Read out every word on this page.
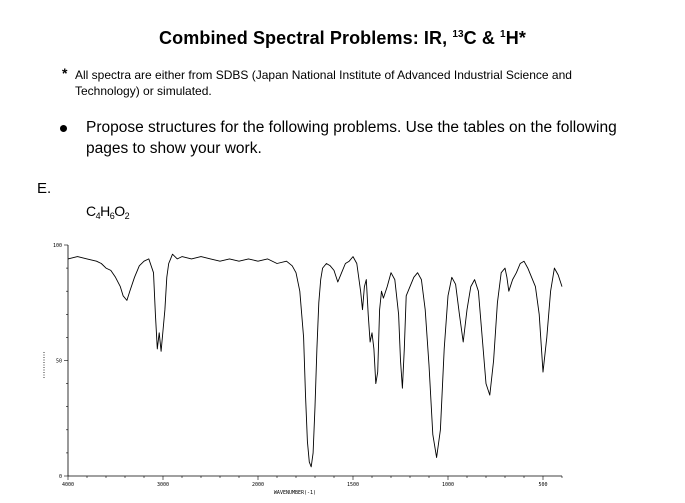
Combined Spectral Problems: IR, $^{13}$C & $^1$H*
* All spectra are either from SDBS (Japan National Institute of Advanced Industrial Science and Technology) or simulated.
Propose structures for the following problems. Use the tables on the following pages to show your work.
E.
$C_4H_6O_2$
4000	3000	2000	1500	1000	500
100
50
0
WAVENUMBER(-1)
